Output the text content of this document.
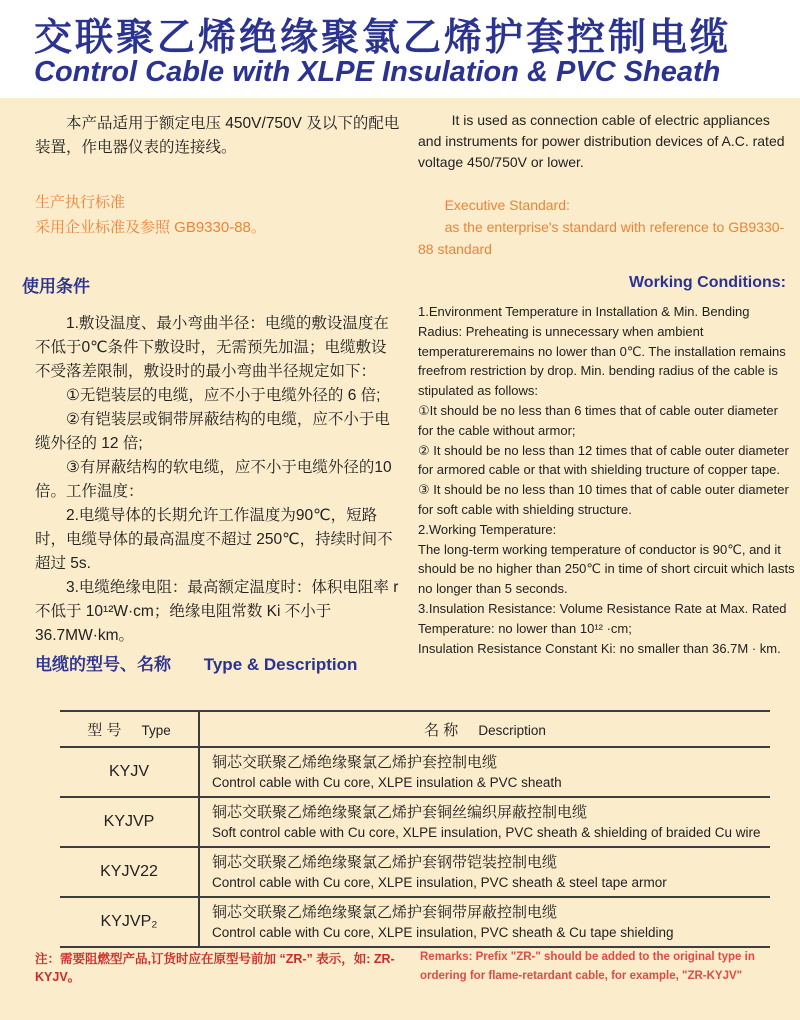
交联聚乙烯绝缘聚氯乙烯护套控制电缆
Control Cable with XLPE Insulation & PVC Sheath

本产品适用于额定电压 450V/750V 及以下的配电装置，作电器仪表的连接线。

生产执行标准

采用企业标准及参照 GB9330-88。

It is used as connection cable of electric appliances and instruments for power distribution devices of A.C. rated voltage 450/750V or lower.

Executive Standard:

as the enterprise's standard with reference to GB9330-88 standard

使用条件	Working Conditions:

1.敷设温度、最小弯曲半径：电缆的敷设温度在不低于0℃条件下敷设时，无需预先加温；电缆敷设不受落差限制，敷设时的最小弯曲半径规定如下：

①无铠装层的电缆，应不小于电缆外径的 6 倍;

②有铠装层或铜带屏蔽结构的电缆，应不小于电缆外径的 12 倍;

③有屏蔽结构的软电缆，应不小于电缆外径的10倍。工作温度：

2.电缆导体的长期允许工作温度为90℃，短路时，电缆导体的最高温度不超过 250℃，持续时间不超过 5s.

3.电缆绝缘电阻：最高额定温度时：体积电阻率 r 不低于 10¹²W·cm；绝缘电阻常数 Ki 不小于 36.7MW·km。

1.Environment Temperature in Installation & Min. Bending Radius: Preheating is unnecessary when ambient temperatureremains no lower than 0℃. The installation remains freefrom restriction by drop. Min. bending radius of the cable is stipulated as follows:

①It should be no less than 6 times that of cable outer diameter for the cable without armor;

② It should be no less than 12 times that of cable outer diameter for armored cable or that with shielding tructure of copper tape.

③ It should be no less than 10 times that of cable outer diameter for soft cable with shielding structure.

2.Working Temperature:

The long-term working temperature of conductor is 90℃, and it should be no higher than 250℃ in time of short circuit which lasts no longer than 5 seconds.

3.Insulation Resistance: Volume Resistance Rate at Max. Rated Temperature: no lower than 10¹² ·cm;

Insulation Resistance Constant Ki: no smaller than 36.7M · km.

电缆的型号、名称 Type & Description
型 号 Type	名 称 Description
KYJV	铜芯交联聚乙烯绝缘聚氯乙烯护套控制电缆
Control cable with Cu core, XLPE insulation & PVC sheath

KYJVP	铜芯交联聚乙烯绝缘聚氯乙烯护套铜丝编织屏蔽控制电缆
Soft control cable with Cu core, XLPE insulation, PVC sheath & shielding of braided Cu wire

KYJV22	铜芯交联聚乙烯绝缘聚氯乙烯护套钢带铠装控制电缆
Control cable with Cu core, XLPE insulation, PVC sheath & steel tape armor

KYJVP₂	铜芯交联聚乙烯绝缘聚氯乙烯护套铜带屏蔽控制电缆
Control cable with Cu core, XLPE insulation, PVC sheath & Cu tape shielding

注：需要阻燃型产品,订货时应在原型号前加 “ZR-” 表示，如: ZR-KYJV。

Remarks: Prefix "ZR-" should be added to the original type in ordering for flame-retardant cable, for example, "ZR-KYJV"
